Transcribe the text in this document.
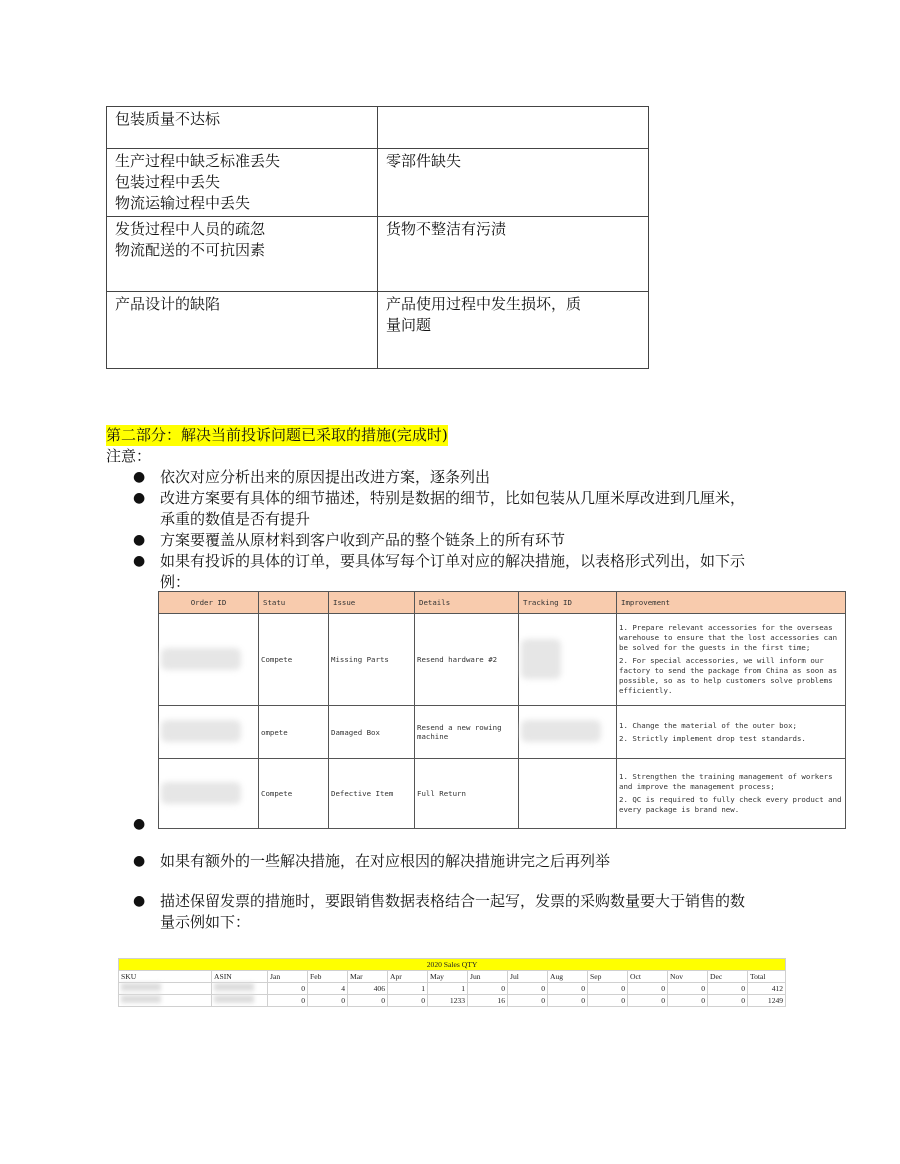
包装质量不达标	

生产过程中缺乏标准丢失
包装过程中丢失
物流运输过程中丢失	零部件缺失

发货过程中人员的疏忽
物流配送的不可抗因素	货物不整洁有污渍

产品设计的缺陷	产品使用过程中发生损坏，质
量问题
第二部分：解决当前投诉问题已采取的措施(完成时)
注意：
● 依次对应分析出来的原因提出改进方案，逐条列出
● 改进方案要有具体的细节描述，特别是数据的细节，比如包装从几厘米厚改进到几厘米，
承重的数值是否有提升
● 方案要覆盖从原材料到客户收到产品的整个链条上的所有环节
● 如果有投诉的具体的订单，要具体写每个订单对应的解决措施，以表格形式列出，如下示
例：
Order ID	Statu	Issue	Details	Tracking ID	Improvement
	Compete	Missing Parts	Resend hardware #2		1. Prepare relevant accessories for the overseas warehouse to ensure that the lost accessories can be solved for the guests in the first time;

2. For special accessories, we will inform our factory to send the package from China as soon as possible, so as to help customers solve problems efficiently.

	ompete	Damaged Box	Resend a new rowing machine		1. Change the material of the outer box;

2. Strictly implement drop test standards.

	Compete	Defective Item	Full Return		1. Strengthen the training management of workers and improve the management process;

2. QC is required to fully check every product and every package is brand new.

●
● 如果有额外的一些解决措施，在对应根因的解决措施讲完之后再列举
● 描述保留发票的措施时，要跟销售数据表格结合一起写，发票的采购数量要大于销售的数
量示例如下：
2020 Sales QTY														
SKU	ASIN	Jan	Feb	Mar	Apr	May	Jun	Jul	Aug	Sep	Oct	Nov	Dec	Total
		0	4	406	1	1	0	0	0	0	0	0	0	412
		0	0	0	0	1233	16	0	0	0	0	0	0	1249
